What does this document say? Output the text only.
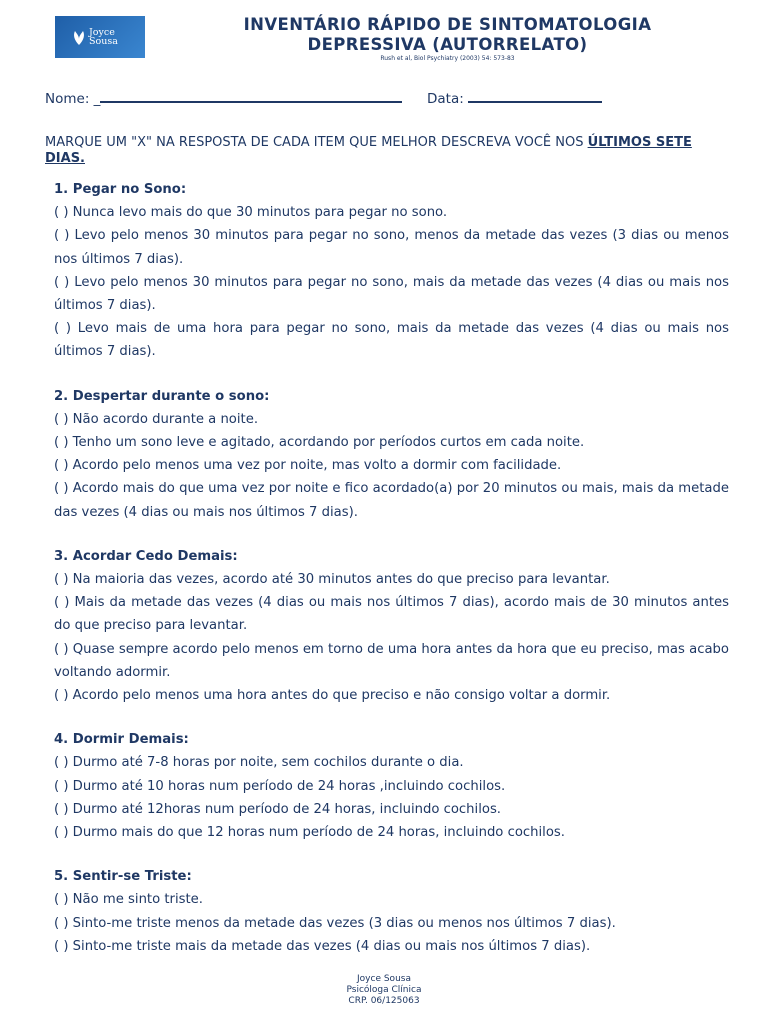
Joyce
Sousa
INVENTÁRIO RÁPIDO DE SINTOMATOLOGIA
DEPRESSIVA (AUTORRELATO)
Rush et al, Biol Psychiatry (2003) 54: 573-83
Nome: _	Data:
MARQUE UM "X" NA RESPOSTA DE CADA ITEM QUE MELHOR DESCREVA VOCÊ NOS ÚLTIMOS SETE DIAS.

1. Pegar no Sono:

( ) Nunca levo mais do que 30 minutos para pegar no sono.

( ) Levo pelo menos 30 minutos para pegar no sono, menos da metade das vezes (3 dias ou menos nos últimos 7 dias).

( ) Levo pelo menos 30 minutos para pegar no sono, mais da metade das vezes (4 dias ou mais nos últimos 7 dias).

( ) Levo mais de uma hora para pegar no sono, mais da metade das vezes (4 dias ou mais nos últimos 7 dias).

2. Despertar durante o sono:

( ) Não acordo durante a noite.

( ) Tenho um sono leve e agitado, acordando por períodos curtos em cada noite.

( ) Acordo pelo menos uma vez por noite, mas volto a dormir com facilidade.

( ) Acordo mais do que uma vez por noite e fico acordado(a) por 20 minutos ou mais, mais da metade das vezes (4 dias ou mais nos últimos 7 dias).

3. Acordar Cedo Demais:

( ) Na maioria das vezes, acordo até 30 minutos antes do que preciso para levantar.

( ) Mais da metade das vezes (4 dias ou mais nos últimos 7 dias), acordo mais de 30 minutos antes do que preciso para levantar.

( ) Quase sempre acordo pelo menos em torno de uma hora antes da hora que eu preciso, mas acabo voltando adormir.

( ) Acordo pelo menos uma hora antes do que preciso e não consigo voltar a dormir.

4. Dormir Demais:

( ) Durmo até 7-8 horas por noite, sem cochilos durante o dia.

( ) Durmo até 10 horas num período de 24 horas ,incluindo cochilos.

( ) Durmo até 12horas num período de 24 horas, incluindo cochilos.

( ) Durmo mais do que 12 horas num período de 24 horas, incluindo cochilos.

5. Sentir-se Triste:

( ) Não me sinto triste.

( ) Sinto-me triste menos da metade das vezes (3 dias ou menos nos últimos 7 dias).

( ) Sinto-me triste mais da metade das vezes (4 dias ou mais nos últimos 7 dias).

Joyce Sousa
Psicóloga Clínica
CRP. 06/125063
